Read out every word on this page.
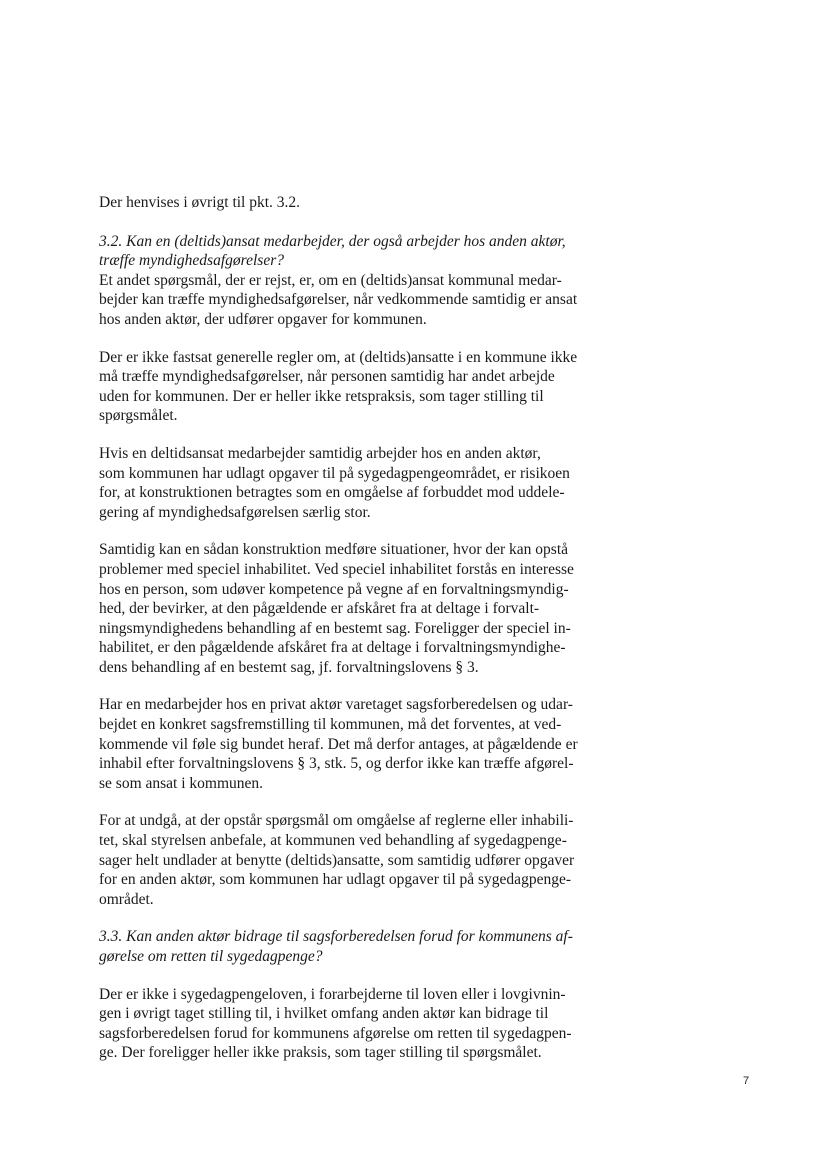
Der henvises i øvrigt til pkt. 3.2.
3.2. Kan en (deltids)ansat medarbejder, der også arbejder hos anden aktør,
træffe myndighedsafgørelser?
Et andet spørgsmål, der er rejst, er, om en (deltids)ansat kommunal medar-
bejder kan træffe myndighedsafgørelser, når vedkommende samtidig er ansat
hos anden aktør, der udfører opgaver for kommunen.
Der er ikke fastsat generelle regler om, at (deltids)ansatte i en kommune ikke
må træffe myndighedsafgørelser, når personen samtidig har andet arbejde
uden for kommunen. Der er heller ikke retspraksis, som tager stilling til
spørgsmålet.
Hvis en deltidsansat medarbejder samtidig arbejder hos en anden aktør,
som kommunen har udlagt opgaver til på sygedagpengeområdet, er risikoen
for, at konstruktionen betragtes som en omgåelse af forbuddet mod uddele-
gering af myndighedsafgørelsen særlig stor.
Samtidig kan en sådan konstruktion medføre situationer, hvor der kan opstå
problemer med speciel inhabilitet. Ved speciel inhabilitet forstås en interesse
hos en person, som udøver kompetence på vegne af en forvaltningsmyndig-
hed, der bevirker, at den pågældende er afskåret fra at deltage i forvalt-
ningsmyndighedens behandling af en bestemt sag. Foreligger der speciel in-
habilitet, er den pågældende afskåret fra at deltage i forvaltningsmyndighe-
dens behandling af en bestemt sag, jf. forvaltningslovens § 3.
Har en medarbejder hos en privat aktør varetaget sagsforberedelsen og udar-
bejdet en konkret sagsfremstilling til kommunen, må det forventes, at ved-
kommende vil føle sig bundet heraf. Det må derfor antages, at pågældende er
inhabil efter forvaltningslovens § 3, stk. 5, og derfor ikke kan træffe afgørel-
se som ansat i kommunen.
For at undgå, at der opstår spørgsmål om omgåelse af reglerne eller inhabili-
tet, skal styrelsen anbefale, at kommunen ved behandling af sygedagpenge-
sager helt undlader at benytte (deltids)ansatte, som samtidig udfører opgaver
for en anden aktør, som kommunen har udlagt opgaver til på sygedagpenge-
området.
3.3. Kan anden aktør bidrage til sagsforberedelsen forud for kommunens af-
gørelse om retten til sygedagpenge?
Der er ikke i sygedagpengeloven, i forarbejderne til loven eller i lovgivnin-
gen i øvrigt taget stilling til, i hvilket omfang anden aktør kan bidrage til
sagsforberedelsen forud for kommunens afgørelse om retten til sygedagpen-
ge. Der foreligger heller ikke praksis, som tager stilling til spørgsmålet.
7
